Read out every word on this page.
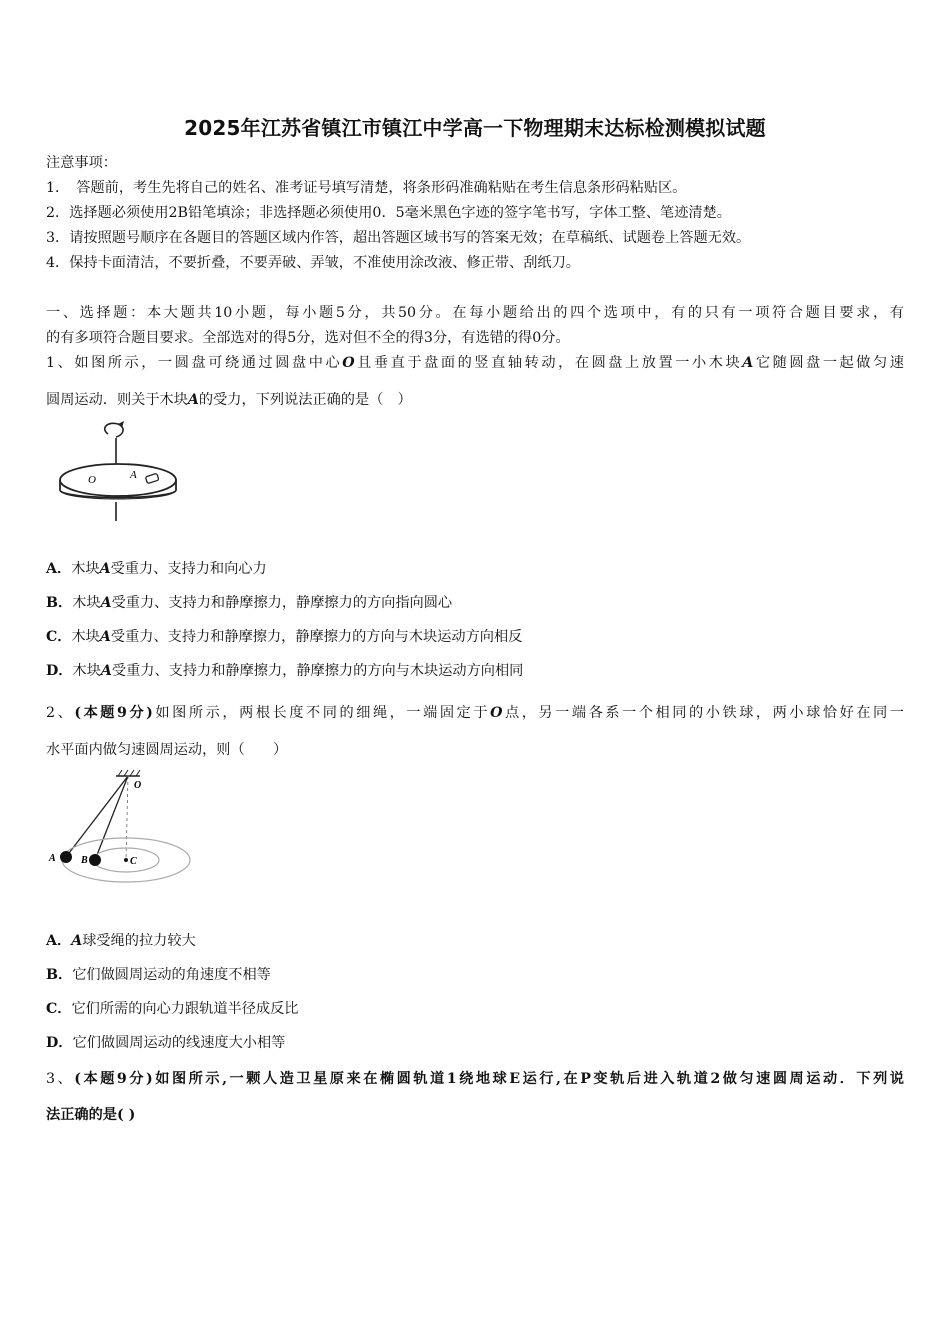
2025年江苏省镇江市镇江中学高一下物理期末达标检测模拟试题
注意事项：
1．　答题前，考生先将自己的姓名、准考证号填写清楚，将条形码准确粘贴在考生信息条形码粘贴区。
2．选择题必须使用2B铅笔填涂；非选择题必须使用0．5毫米黑色字迹的签字笔书写，字体工整、笔迹清楚。
3．请按照题号顺序在各题目的答题区域内作答，超出答题区域书写的答案无效；在草稿纸、试题卷上答题无效。
4．保持卡面清洁，不要折叠，不要弄破、弄皱，不准使用涂改液、修正带、刮纸刀。
一、选择题：本大题共10小题，每小题5分，共50分。在每小题给出的四个选项中，有的只有一项符合题目要求，有
的有多项符合题目要求。全部选对的得5分，选对但不全的得3分，有选错的得0分。
1、如图所示，一圆盘可绕通过圆盘中心O且垂直于盘面的竖直轴转动，在圆盘上放置一小木块A它随圆盘一起做匀速
圆周运动．则关于木块A的受力，下列说法正确的是（　）
O	A
A．木块A受重力、支持力和向心力
B．木块A受重力、支持力和静摩擦力，静摩擦力的方向指向圆心
C．木块A受重力、支持力和静摩擦力，静摩擦力的方向与木块运动方向相反
D．木块A受重力、支持力和静摩擦力，静摩擦力的方向与木块运动方向相同
2、(本题9分)如图所示，两根长度不同的细绳，一端固定于O点，另一端各系一个相同的小铁球，两小球恰好在同一
水平面内做匀速圆周运动，则（　　）
O
A	B	C
A．A球受绳的拉力较大
B．它们做圆周运动的角速度不相等
C．它们所需的向心力跟轨道半径成反比
D．它们做圆周运动的线速度大小相等
3、(本题9分)如图所示,一颗人造卫星原来在椭圆轨道1绕地球E运行,在P变轨后进入轨道2做匀速圆周运动．下列说
法正确的是( )
